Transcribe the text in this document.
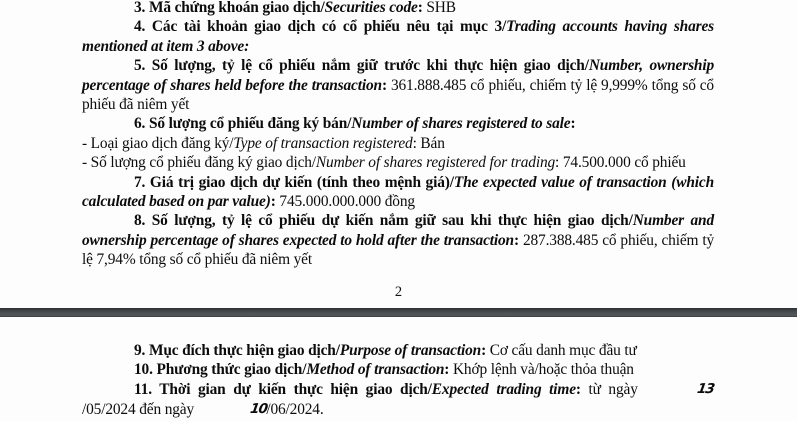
3. Mã chứng khoán giao dịch/Securities code: SHB

4. Các tài khoản giao dịch có cổ phiếu nêu tại mục 3/Trading accounts having shares mentioned at item 3 above:

5. Số lượng, tỷ lệ cổ phiếu nắm giữ trước khi thực hiện giao dịch/Number, ownership percentage of shares held before the transaction: 361.888.485 cổ phiếu, chiếm tỷ lệ 9,999% tổng số cổ phiếu đã niêm yết

6. Số lượng cổ phiếu đăng ký bán/Number of shares registered to sale:

- Loại giao dịch đăng ký/Type of transaction registered: Bán

- Số lượng cổ phiếu đăng ký giao dịch/Number of shares registered for trading: 74.500.000 cổ phiếu

7. Giá trị giao dịch dự kiến (tính theo mệnh giá)/The expected value of transaction (which calculated based on par value): 745.000.000.000 đồng

8. Số lượng, tỷ lệ cổ phiếu dự kiến nắm giữ sau khi thực hiện giao dịch/Number and ownership percentage of shares expected to hold after the transaction: 287.388.485 cổ phiếu, chiếm tỷ lệ 7,94% tổng số cổ phiếu đã niêm yết

2

9. Mục đích thực hiện giao dịch/Purpose of transaction: Cơ cấu danh mục đầu tư

10. Phương thức giao dịch/Method of transaction: Khớp lệnh và/hoặc thỏa thuận

11. Thời gian dự kiến thực hiện giao dịch/Expected trading time: từ ngày	13/05/2024 đến ngày	10/06/2024.
